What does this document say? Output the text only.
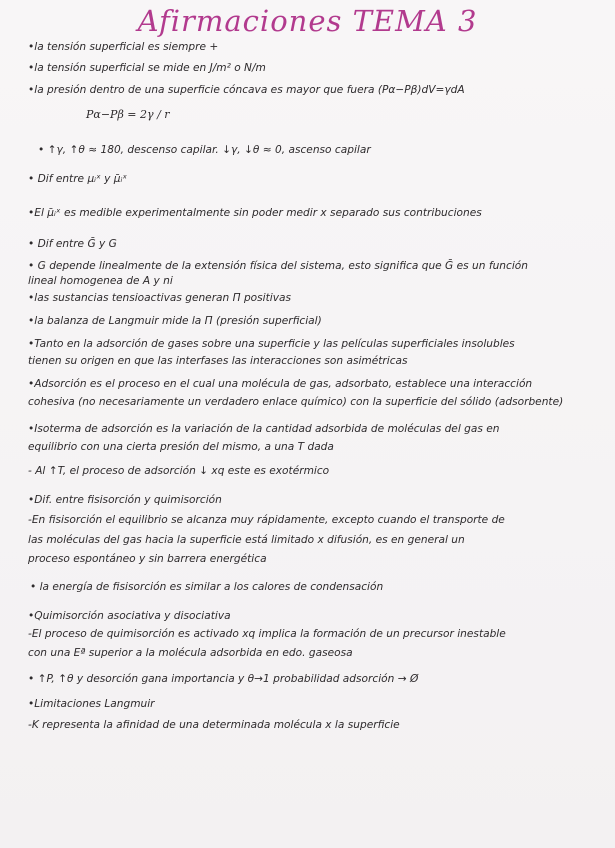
Afirmaciones TEMA 3
•la tensión superficial es siempre +
•la tensión superficial se mide en J/m² o N/m
•la presión dentro de una superficie cóncava es mayor que fuera (Pα−Pβ)dV=γdA
Pα−Pβ = 2γ / r
• ↑γ, ↑θ ≈ 180, descenso capilar. ↓γ, ↓θ ≈ 0, ascenso capilar
• Dif entre μᵢˣ y μ̄ᵢˣ
•El μ̄ᵢˣ es medible experimentalmente sin poder medir x separado sus contribuciones
• Dif entre Ḡ y G
• G depende linealmente de la extensión física del sistema, esto significa que Ḡ es un función
lineal homogenea de A y ni
•las sustancias tensioactivas generan Π positivas
•la balanza de Langmuir mide la Π (presión superficial)
•Tanto en la adsorción de gases sobre una superficie y las películas superficiales insolubles
tienen su origen en que las interfases las interacciones son asimétricas
•Adsorción es el proceso en el cual una molécula de gas, adsorbato, establece una interacción
cohesiva (no necesariamente un verdadero enlace químico) con la superficie del sólido (adsorbente)
•Isoterma de adsorción es la variación de la cantidad adsorbida de moléculas del gas en
equilibrio con una cierta presión del mismo, a una T dada
- Al ↑T, el proceso de adsorción ↓ xq este es exotérmico
•Dif. entre fisisorción y quimisorción
-En fisisorción el equilibrio se alcanza muy rápidamente, excepto cuando el transporte de
las moléculas del gas hacia la superficie está limitado x difusión, es en general un
proceso espontáneo y sin barrera energética
• la energía de fisisorción es similar a los calores de condensación
•Quimisorción asociativa y disociativa
-El proceso de quimisorción es activado xq implica la formación de un precursor inestable
con una Eª superior a la molécula adsorbida en edo. gaseosa
• ↑P, ↑θ y desorción gana importancia y θ→1 probabilidad adsorción → Ø
•Limitaciones Langmuir
-K representa la afinidad de una determinada molécula x la superficie
